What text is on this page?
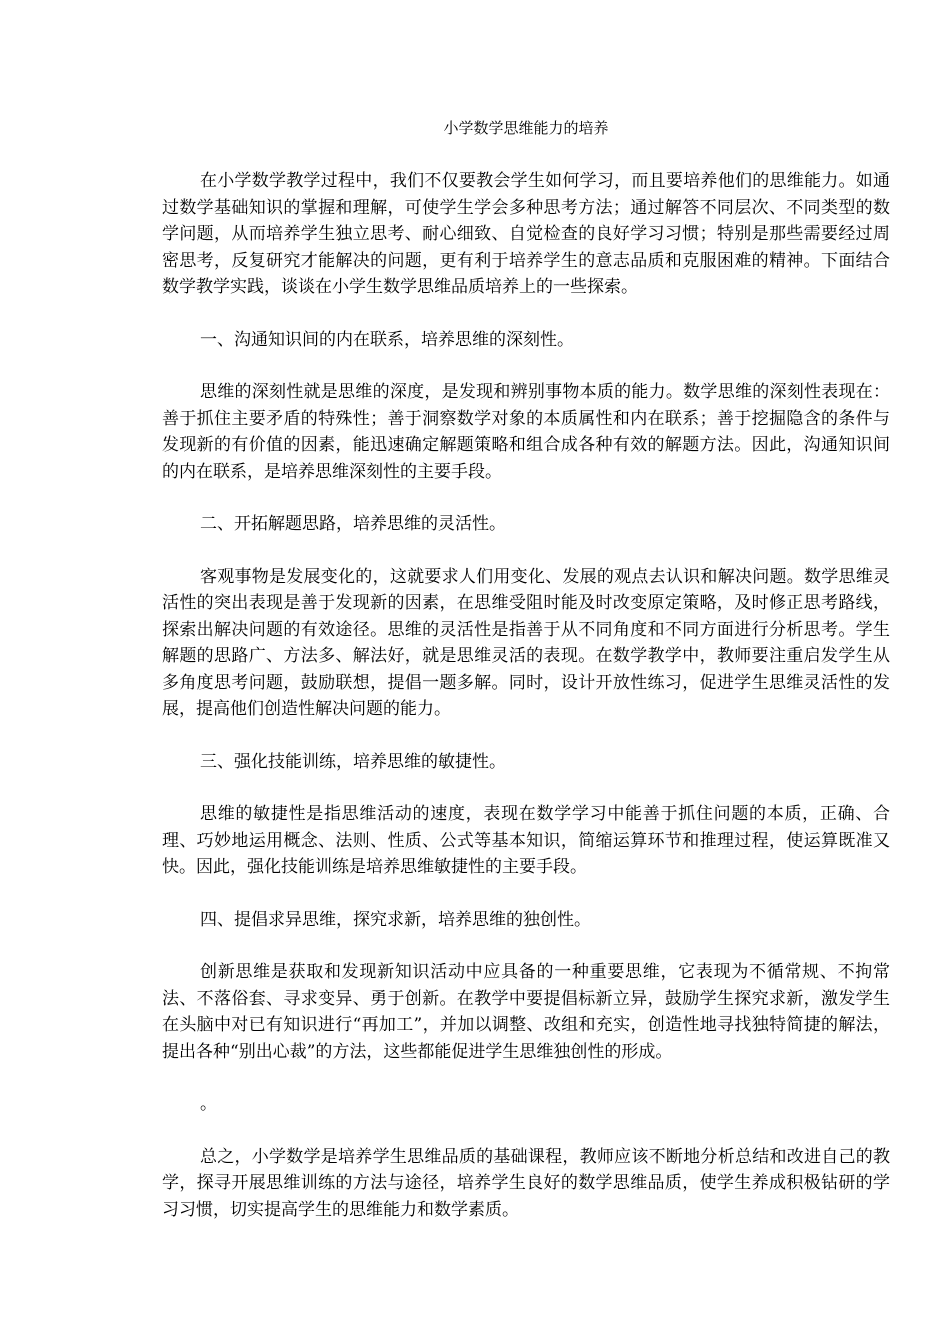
小学数学思维能力的培养

在小学数学教学过程中，我们不仅要教会学生如何学习，而且要培养他们的思维能力。如通过数学基础知识的掌握和理解，可使学生学会多种思考方法；通过解答不同层次、不同类型的数学问题，从而培养学生独立思考、耐心细致、自觉检查的良好学习习惯；特别是那些需要经过周密思考，反复研究才能解决的问题，更有利于培养学生的意志品质和克服困难的精神。下面结合数学教学实践，谈谈在小学生数学思维品质培养上的一些探索。

一、沟通知识间的内在联系，培养思维的深刻性。

思维的深刻性就是思维的深度，是发现和辨别事物本质的能力。数学思维的深刻性表现在：善于抓住主要矛盾的特殊性；善于洞察数学对象的本质属性和内在联系；善于挖掘隐含的条件与发现新的有价值的因素，能迅速确定解题策略和组合成各种有效的解题方法。因此，沟通知识间的内在联系，是培养思维深刻性的主要手段。

二、开拓解题思路，培养思维的灵活性。

客观事物是发展变化的，这就要求人们用变化、发展的观点去认识和解决问题。数学思维灵活性的突出表现是善于发现新的因素，在思维受阻时能及时改变原定策略，及时修正思考路线，探索出解决问题的有效途径。思维的灵活性是指善于从不同角度和不同方面进行分析思考。学生解题的思路广、方法多、解法好，就是思维灵活的表现。在数学教学中，教师要注重启发学生从多角度思考问题，鼓励联想，提倡一题多解。同时，设计开放性练习，促进学生思维灵活性的发展，提高他们创造性解决问题的能力。

三、强化技能训练，培养思维的敏捷性。

思维的敏捷性是指思维活动的速度，表现在数学学习中能善于抓住问题的本质，正确、合理、巧妙地运用概念、法则、性质、公式等基本知识，简缩运算环节和推理过程，使运算既准又快。因此，强化技能训练是培养思维敏捷性的主要手段。

四、提倡求异思维，探究求新，培养思维的独创性。

创新思维是获取和发现新知识活动中应具备的一种重要思维，它表现为不循常规、不拘常法、不落俗套、寻求变异、勇于创新。在教学中要提倡标新立异，鼓励学生探究求新，激发学生在头脑中对已有知识进行“再加工”，并加以调整、改组和充实，创造性地寻找独特简捷的解法，提出各种“别出心裁”的方法，这些都能促进学生思维独创性的形成。

。

总之，小学数学是培养学生思维品质的基础课程，教师应该不断地分析总结和改进自己的教学，探寻开展思维训练的方法与途径，培养学生良好的数学思维品质，使学生养成积极钻研的学习习惯，切实提高学生的思维能力和数学素质。
